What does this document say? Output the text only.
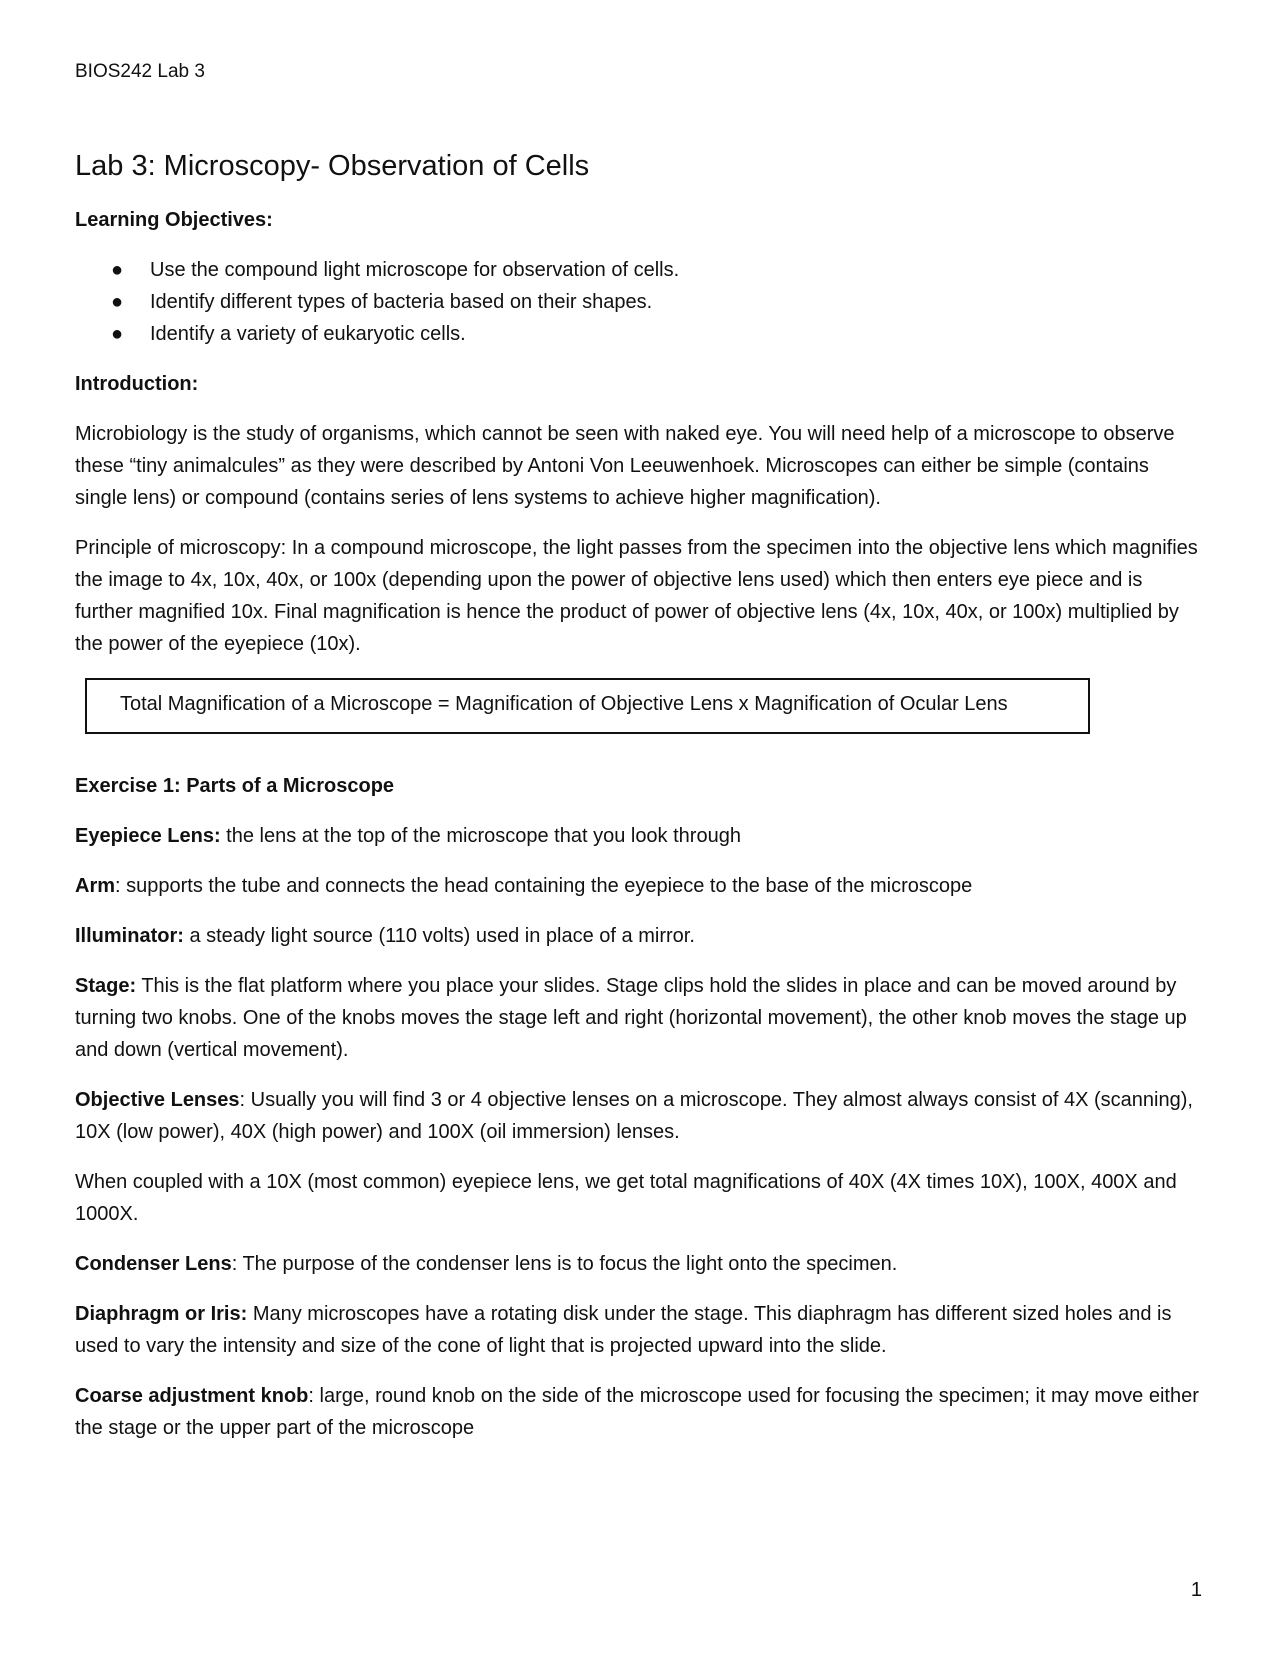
BIOS242 Lab 3
Lab 3: Microscopy- Observation of Cells
Learning Objectives:
● Use the compound light microscope for observation of cells.
● Identify different types of bacteria based on their shapes.
● Identify a variety of eukaryotic cells.
Introduction:

Microbiology is the study of organisms, which cannot be seen with naked eye. You will need help of a microscope to observe these “tiny animalcules” as they were described by Antoni Von Leeuwenhoek. Microscopes can either be simple (contains single lens) or compound (contains series of lens systems to achieve higher magnification).

Principle of microscopy: In a compound microscope, the light passes from the specimen into the objective lens which magnifies the image to 4x, 10x, 40x, or 100x (depending upon the power of objective lens used) which then enters eye piece and is further magnified 10x. Final magnification is hence the product of power of objective lens (4x, 10x, 40x, or 100x) multiplied by the power of the eyepiece (10x).

Total Magnification of a Microscope = Magnification of Objective Lens x Magnification of Ocular Lens
Exercise 1: Parts of a Microscope

Eyepiece Lens: the lens at the top of the microscope that you look through

Arm: supports the tube and connects the head containing the eyepiece to the base of the microscope

Illuminator: a steady light source (110 volts) used in place of a mirror.

Stage: This is the flat platform where you place your slides. Stage clips hold the slides in place and can be moved around by turning two knobs. One of the knobs moves the stage left and right (horizontal movement), the other knob moves the stage up and down (vertical movement).

Objective Lenses: Usually you will find 3 or 4 objective lenses on a microscope. They almost always consist of 4X (scanning), 10X (low power), 40X (high power) and 100X (oil immersion) lenses.

When coupled with a 10X (most common) eyepiece lens, we get total magnifications of 40X (4X times 10X), 100X, 400X and 1000X.

Condenser Lens: The purpose of the condenser lens is to focus the light onto the specimen.

Diaphragm or Iris: Many microscopes have a rotating disk under the stage. This diaphragm has different sized holes and is used to vary the intensity and size of the cone of light that is projected upward into the slide.

Coarse adjustment knob: large, round knob on the side of the microscope used for focusing the specimen; it may move either the stage or the upper part of the microscope

1
